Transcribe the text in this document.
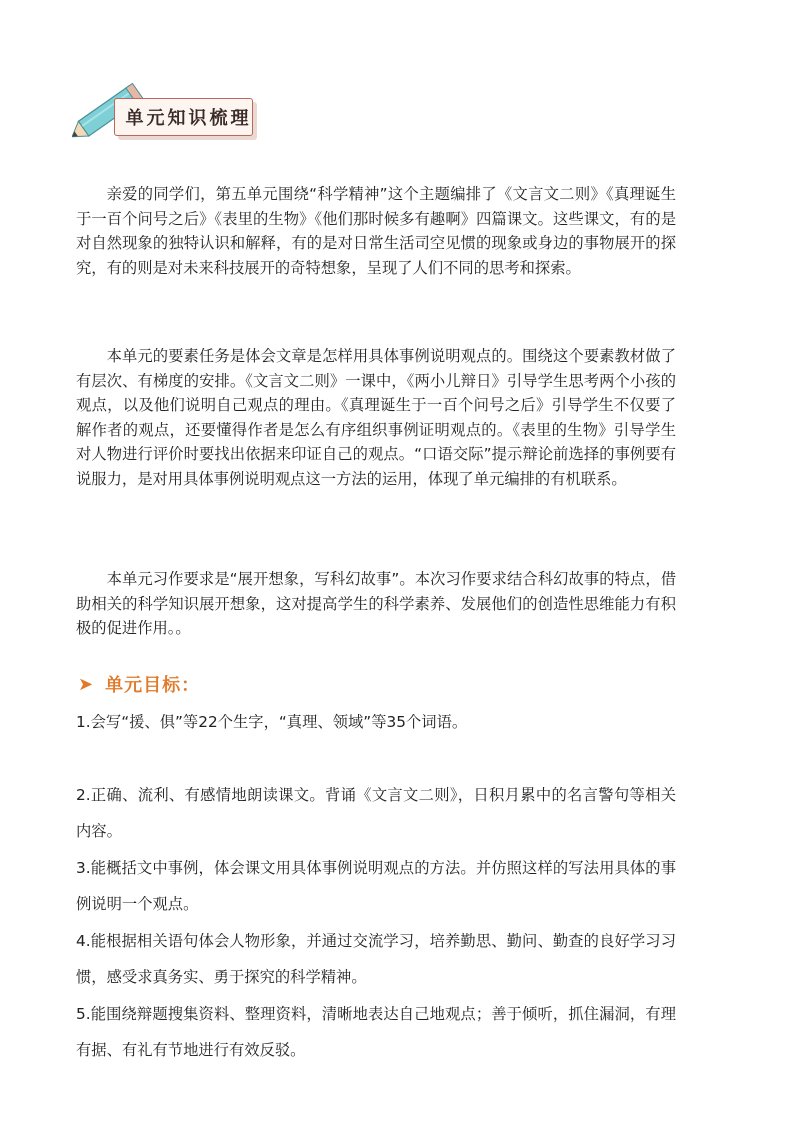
单元知识梳理

亲爱的同学们，第五单元围绕“科学精神”这个主题编排了《文言文二则》《真理诞生于一百个问号之后》《表里的生物》《他们那时候多有趣啊》四篇课文。这些课文，有的是对自然现象的独特认识和解释，有的是对日常生活司空见惯的现象或身边的事物展开的探究，有的则是对未来科技展开的奇特想象，呈现了人们不同的思考和探索。

本单元的要素任务是体会文章是怎样用具体事例说明观点的。围绕这个要素教材做了有层次、有梯度的安排。《文言文二则》一课中，《两小儿辩日》引导学生思考两个小孩的观点，以及他们说明自己观点的理由。《真理诞生于一百个问号之后》引导学生不仅要了解作者的观点，还要懂得作者是怎么有序组织事例证明观点的。《表里的生物》引导学生对人物进行评价时要找出依据来印证自己的观点。“口语交际”提示辩论前选择的事例要有说服力，是对用具体事例说明观点这一方法的运用，体现了单元编排的有机联系。

本单元习作要求是“展开想象，写科幻故事”。本次习作要求结合科幻故事的特点，借助相关的科学知识展开想象，这对提高学生的科学素养、发展他们的创造性思维能力有积极的促进作用。。

➤ 单元目标：

1.会写“援、俱”等22个生字，“真理、领域”等35个词语。

2.正确、流利、有感情地朗读课文。背诵《文言文二则》，日积月累中的名言警句等相关内容。

3.能概括文中事例，体会课文用具体事例说明观点的方法。并仿照这样的写法用具体的事例说明一个观点。

4.能根据相关语句体会人物形象，并通过交流学习，培养勤思、勤问、勤查的良好学习习惯，感受求真务实、勇于探究的科学精神。

5.能围绕辩题搜集资料、整理资料，清晰地表达自己地观点；善于倾听，抓住漏洞，有理有据、有礼有节地进行有效反驳。
